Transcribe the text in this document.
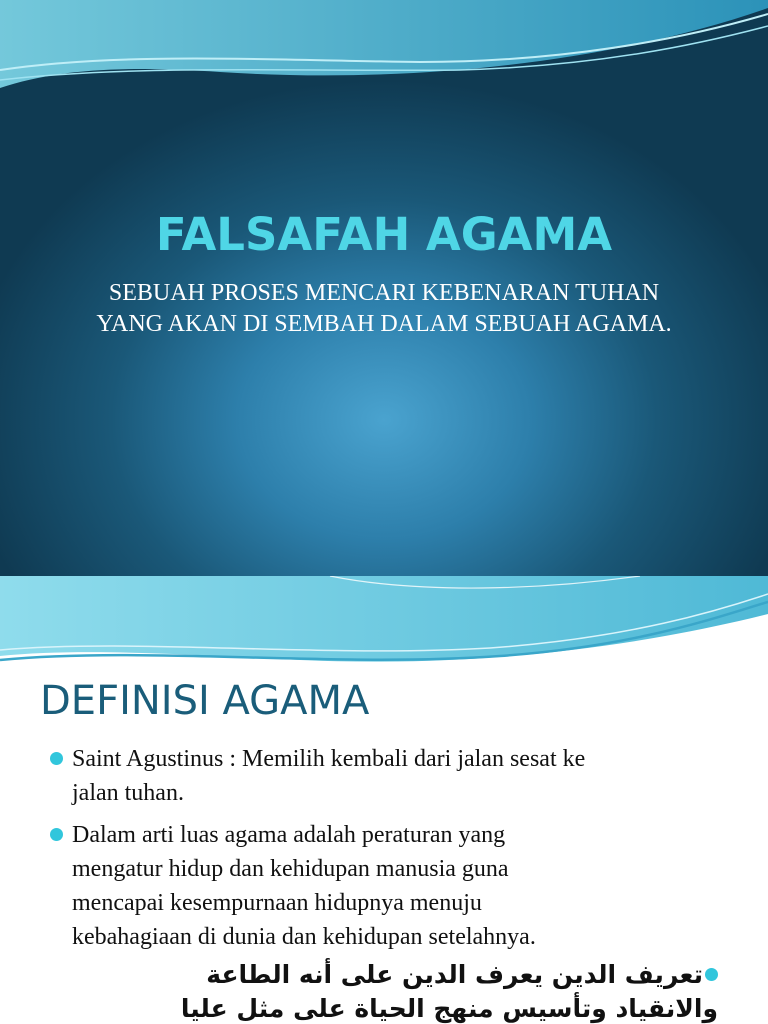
FALSAFAH AGAMA
SEBUAH PROSES MENCARI KEBENARAN TUHAN
YANG AKAN DI SEMBAH DALAM SEBUAH AGAMA.
DEFINISI AGAMA
Saint Agustinus : Memilih kembali dari jalan sesat ke
jalan tuhan.
Dalam arti luas agama adalah peraturan yang
mengatur hidup dan kehidupan manusia guna
mencapai kesempurnaan hidupnya menuju
kebahagiaan di dunia dan kehidupan setelahnya.
تعريف الدين يعرف الدين على أنه الطاعة
والانقياد وتأسيس منهج الحياة على مثل عليا
